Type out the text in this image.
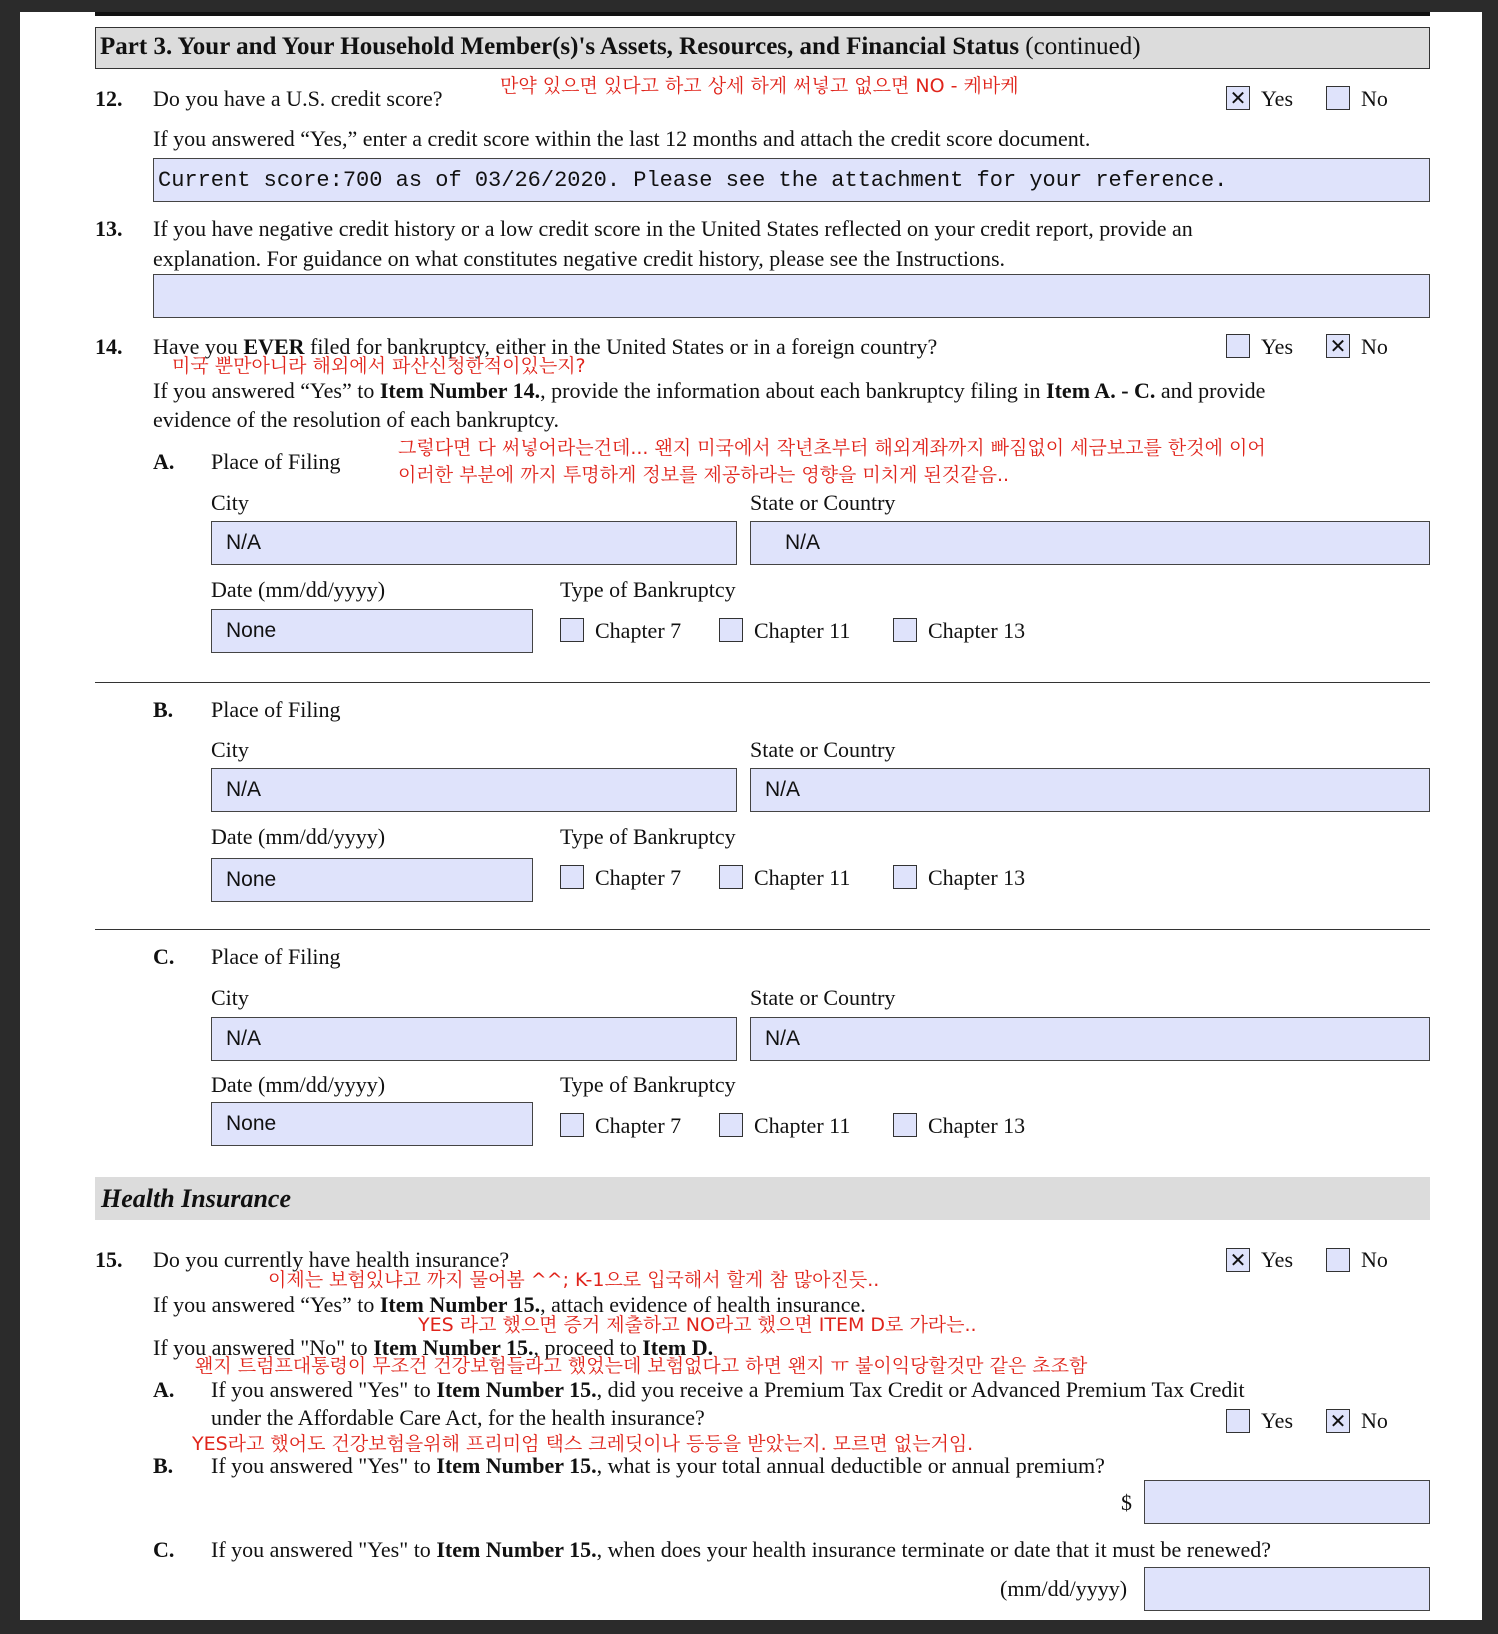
Part 3. Your and Your Household Member(s)'s Assets, Resources, and Financial Status (continued)
12. Do you have a U.S. credit score?	만약 있으면 있다고 하고 상세 하게 써넣고 없으면 NO - 케바케 ✕	Yes	No
If you answered “Yes,” enter a credit score within the last 12 months and attach the credit score document.
Current score:700 as of 03/26/2020. Please see the attachment for your reference.
13. If you have negative credit history or a low credit score in the United States reflected on your credit report, provide an
explanation. For guidance on what constitutes negative credit history, please see the Instructions.
14. Have you EVER filed for bankruptcy, either in the United States or in a foreign country?
미국 뿐만아니라 해외에서 파산신청한적이있는지?
Yes ✕	No
If you answered “Yes” to Item Number 14., provide the information about each bankruptcy filing in Item A. - C. and provide
evidence of the resolution of each bankruptcy.
그렇다면 다 써넣어라는건데... 왠지 미국에서 작년초부터 해외계좌까지 빠짐없이 세금보고를 한것에 이어
이러한 부분에 까지 투명하게 정보를 제공하라는 영향을 미치게 된것같음..
A. Place of Filing
City	State or Country
N/A	N/A
Date (mm/dd/yyyy)	Type of Bankruptcy
None	Chapter 7	Chapter 11	Chapter 13
B. Place of Filing
City	State or Country
N/A	N/A
Date (mm/dd/yyyy)	Type of Bankruptcy
None	Chapter 7	Chapter 11	Chapter 13
C. Place of Filing
City	State or Country
N/A	N/A
Date (mm/dd/yyyy)	Type of Bankruptcy
None	Chapter 7	Chapter 11	Chapter 13
Health Insurance
15. Do you currently have health insurance? ✕	Yes	No
이제는 보험있냐고 까지 물어봄 ^^; K-1으로 입국해서 할게 참 많아진듯..
If you answered “Yes” to Item Number 15., attach evidence of health insurance.
YES 라고 했으면 증거 제출하고 NO라고 했으면 ITEM D로 가라는..
If you answered "No" to Item Number 15., proceed to Item D.
왠지 트럼프대통령이 무조건 건강보험들라고 했었는데 보험없다고 하면 왠지 ㅠ 불이익당할것만 같은 초조함
A. If you answered "Yes" to Item Number 15., did you receive a Premium Tax Credit or Advanced Premium Tax Credit
under the Affordable Care Act, for the health insurance?	Yes ✕	No
YES라고 했어도 건강보험을위해 프리미엄 택스 크레딧이나 등등을 받았는지. 모르면 없는거임.
B. If you answered "Yes" to Item Number 15., what is your total annual deductible or annual premium?
$
C. If you answered "Yes" to Item Number 15., when does your health insurance terminate or date that it must be renewed?
(mm/dd/yyyy)
